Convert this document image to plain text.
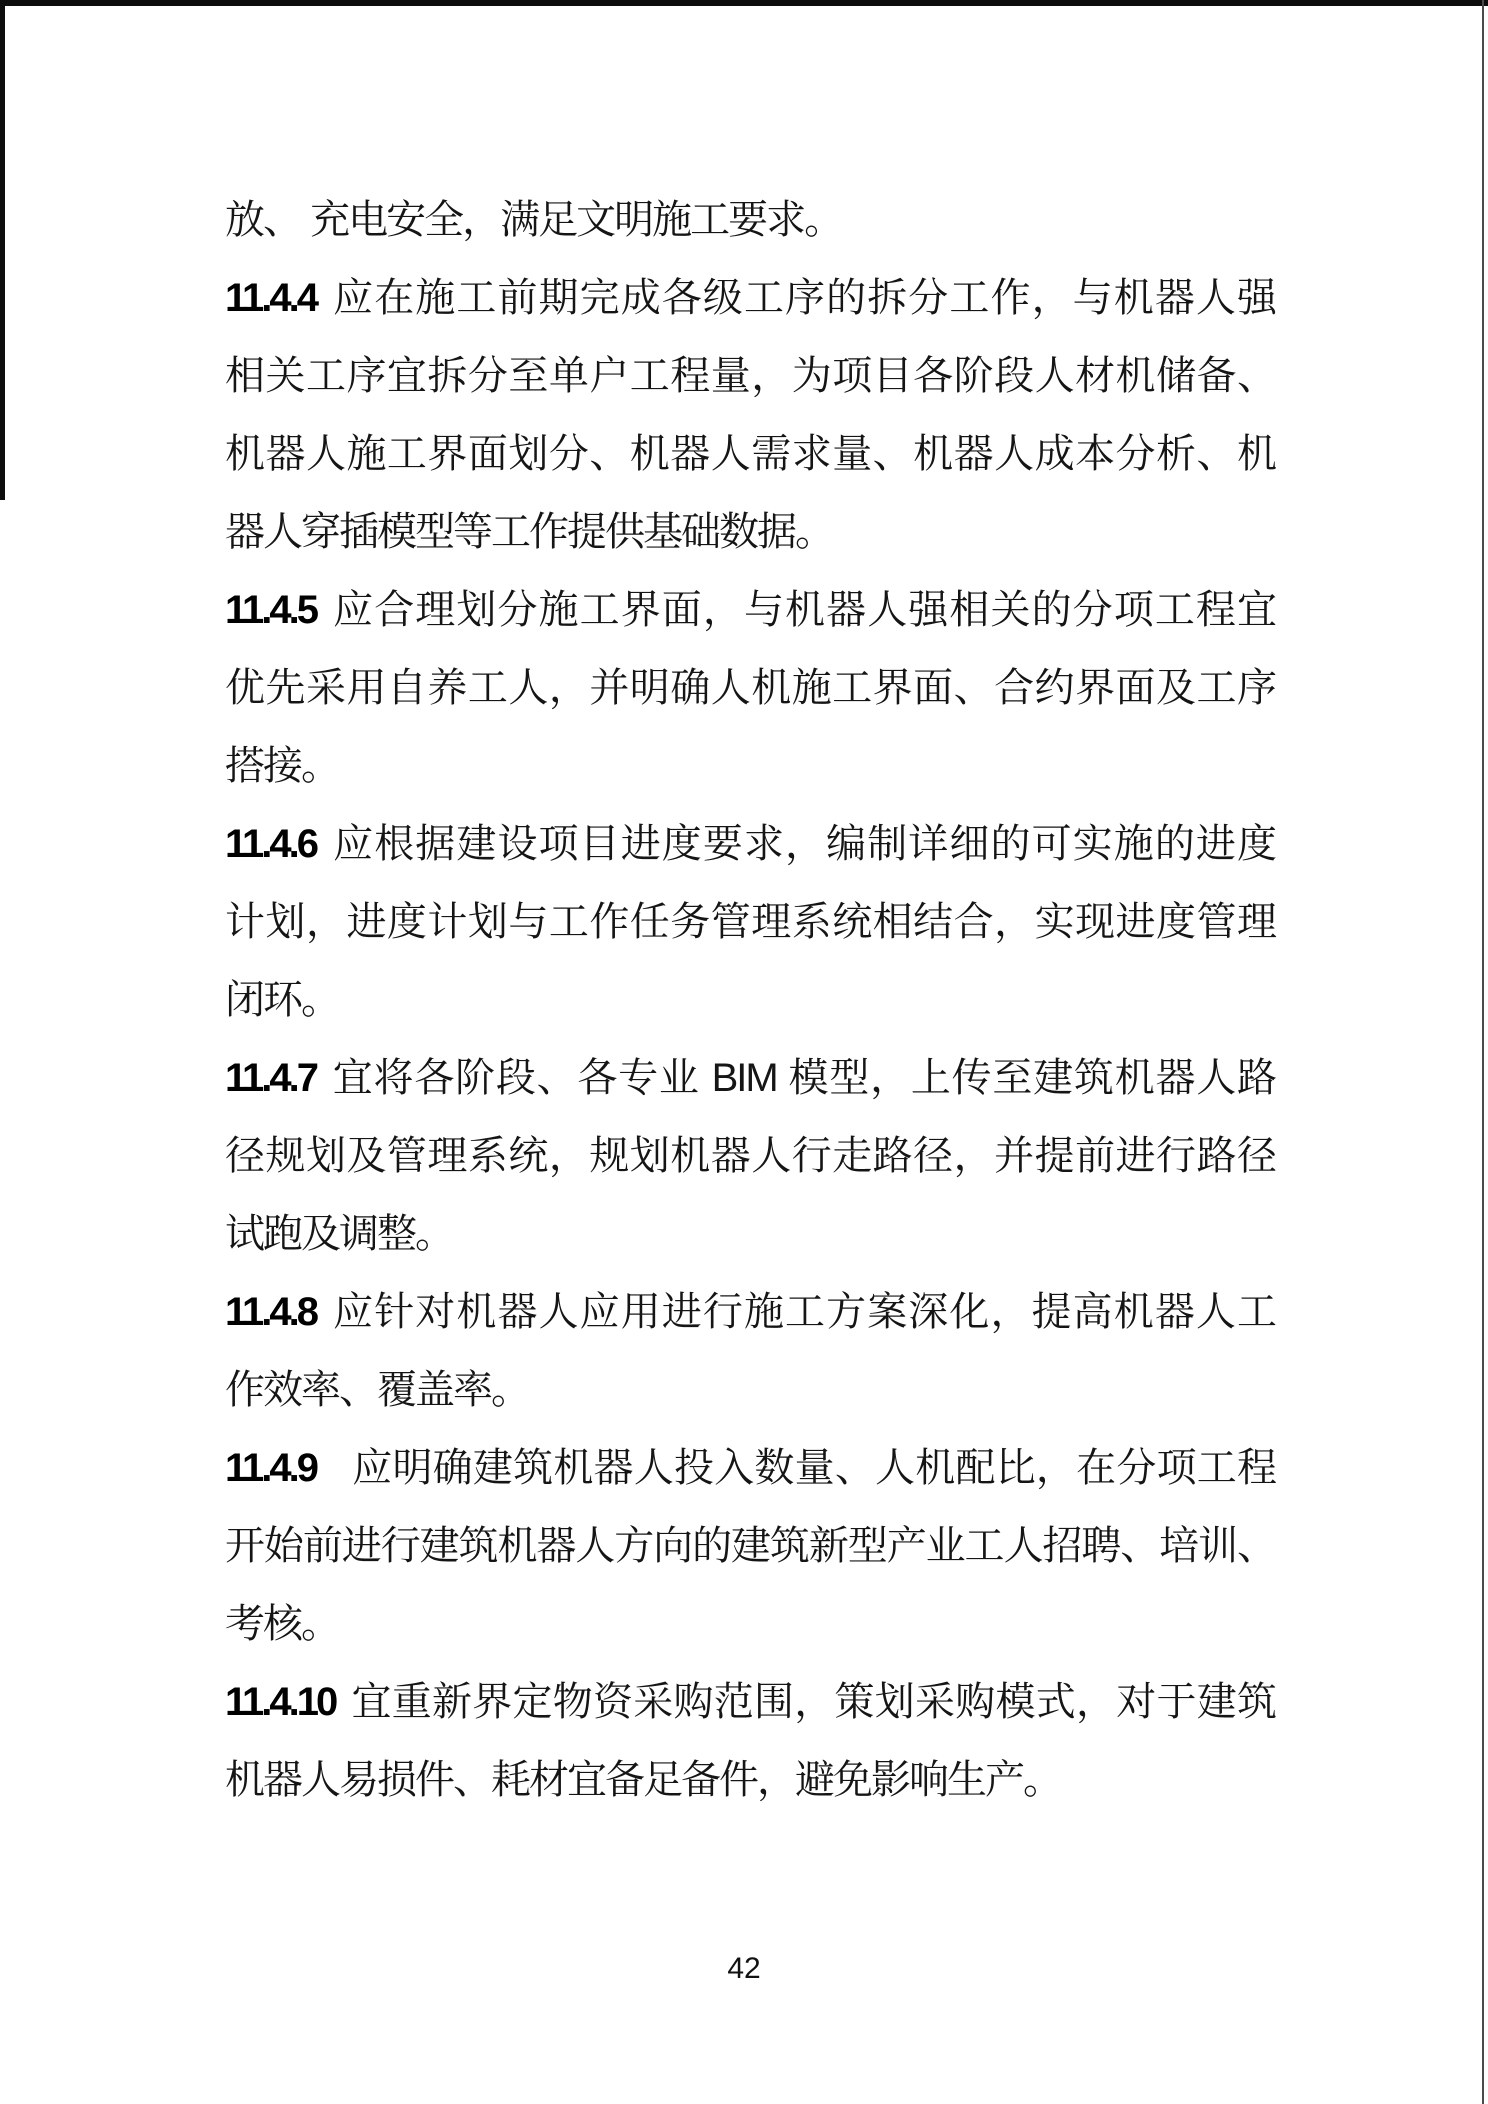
放、 充电安全，满足文明施工要求。
11.4.4 应在施工前期完成各级工序的拆分工作，与机器人强
相关工序宜拆分至单户工程量，为项目各阶段人材机储备、
机器人施工界面划分、机器人需求量、机器人成本分析、机
器人穿插模型等工作提供基础数据。
11.4.5 应合理划分施工界面，与机器人强相关的分项工程宜
优先采用自养工人，并明确人机施工界面、合约界面及工序
搭接。
11.4.6 应根据建设项目进度要求，编制详细的可实施的进度
计划，进度计划与工作任务管理系统相结合，实现进度管理
闭环。
11.4.7 宜将各阶段、各专业 BIM 模型，上传至建筑机器人路
径规划及管理系统，规划机器人行走路径，并提前进行路径
试跑及调整。
11.4.8 应针对机器人应用进行施工方案深化，提高机器人工
作效率、覆盖率。
11.4.9 应明确建筑机器人投入数量、人机配比，在分项工程
开始前进行建筑机器人方向的建筑新型产业工人招聘、培训、
考核。
11.4.10 宜重新界定物资采购范围，策划采购模式，对于建筑
机器人易损件、耗材宜备足备件，避免影响生产。
42
